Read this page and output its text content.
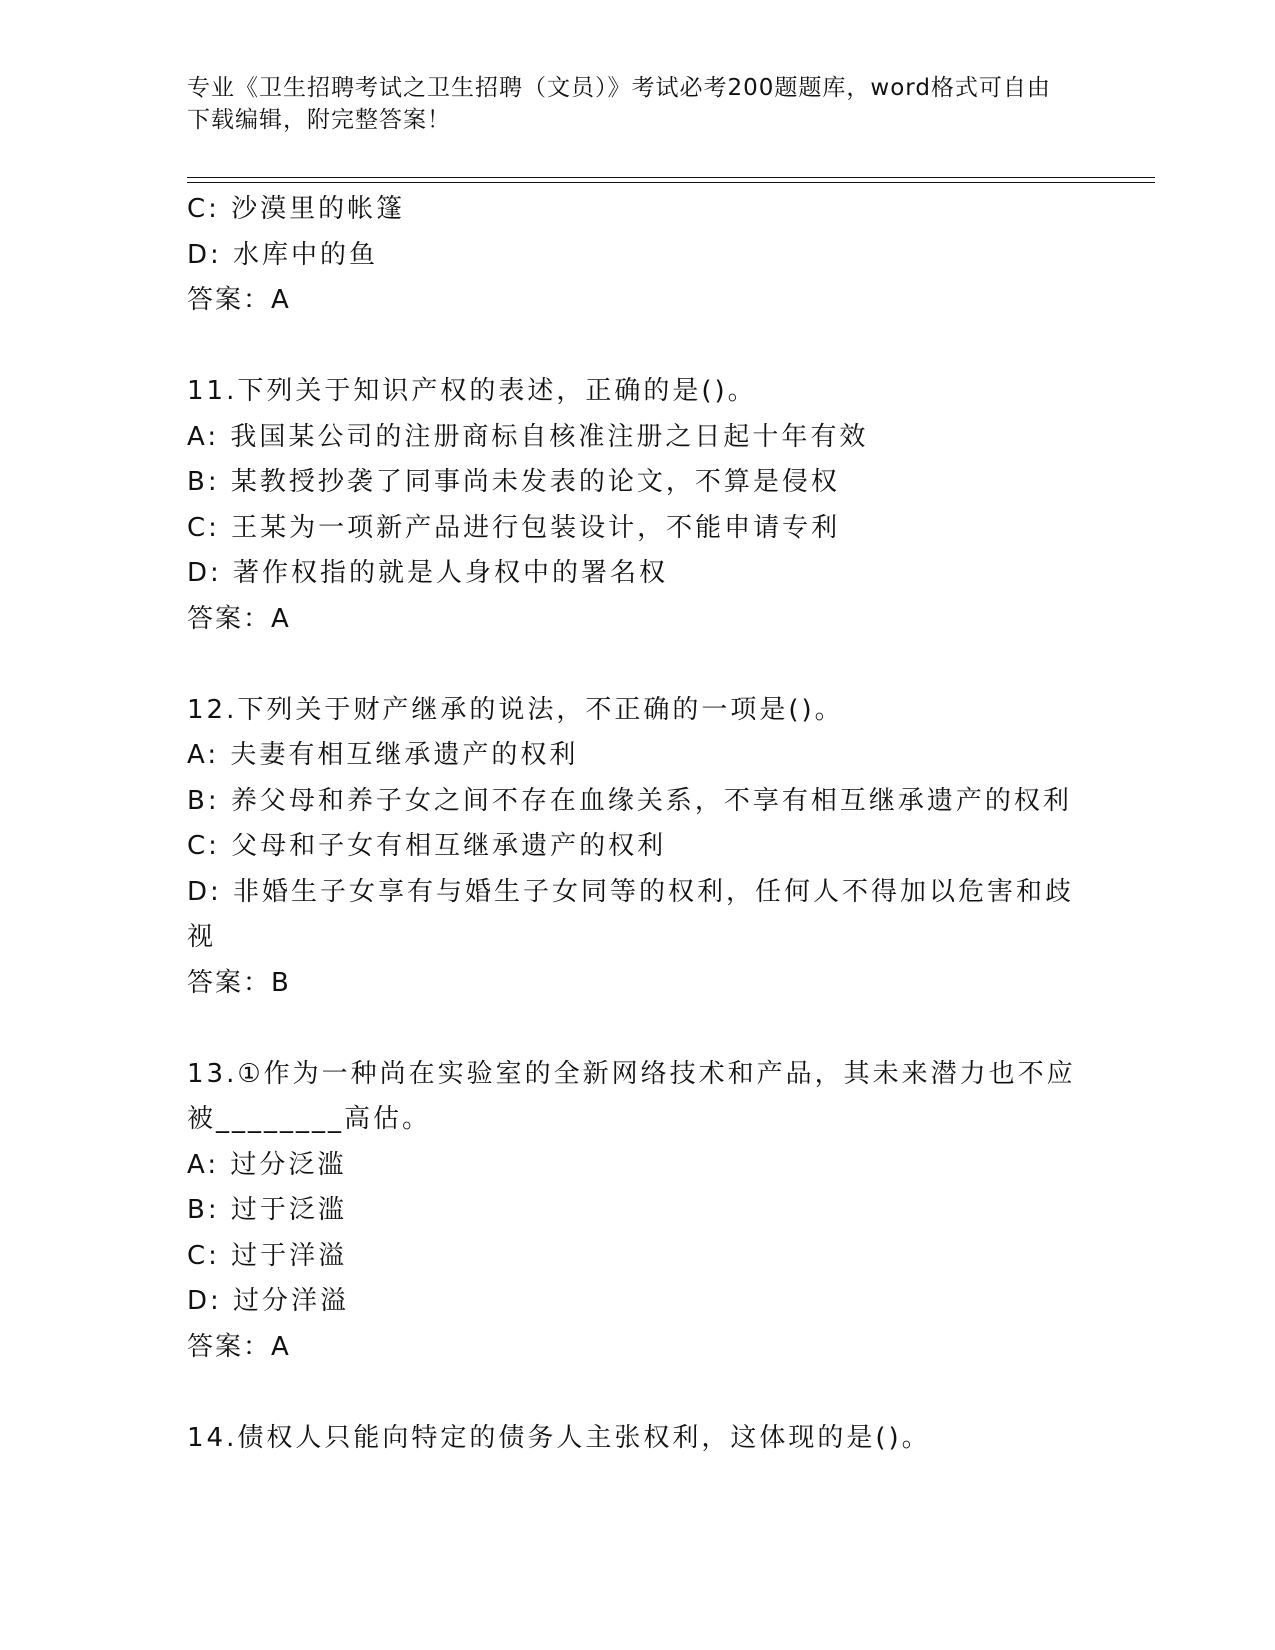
专业《卫生招聘考试之卫生招聘（文员）》考试必考200题题库，word格式可自由下载编辑，附完整答案！
C: 沙漠里的帐篷
D: 水库中的鱼
答案：A
11.下列关于知识产权的表述，正确的是()。
A: 我国某公司的注册商标自核准注册之日起十年有效
B: 某教授抄袭了同事尚未发表的论文，不算是侵权
C: 王某为一项新产品进行包装设计，不能申请专利
D: 著作权指的就是人身权中的署名权
答案：A
12.下列关于财产继承的说法，不正确的一项是()。
A: 夫妻有相互继承遗产的权利
B: 养父母和养子女之间不存在血缘关系，不享有相互继承遗产的权利
C: 父母和子女有相互继承遗产的权利
D: 非婚生子女享有与婚生子女同等的权利，任何人不得加以危害和歧视
答案：B
13.①作为一种尚在实验室的全新网络技术和产品，其未来潜力也不应被________高估。
A: 过分泛滥
B: 过于泛滥
C: 过于洋溢
D: 过分洋溢
答案：A
14.债权人只能向特定的债务人主张权利，这体现的是()。
